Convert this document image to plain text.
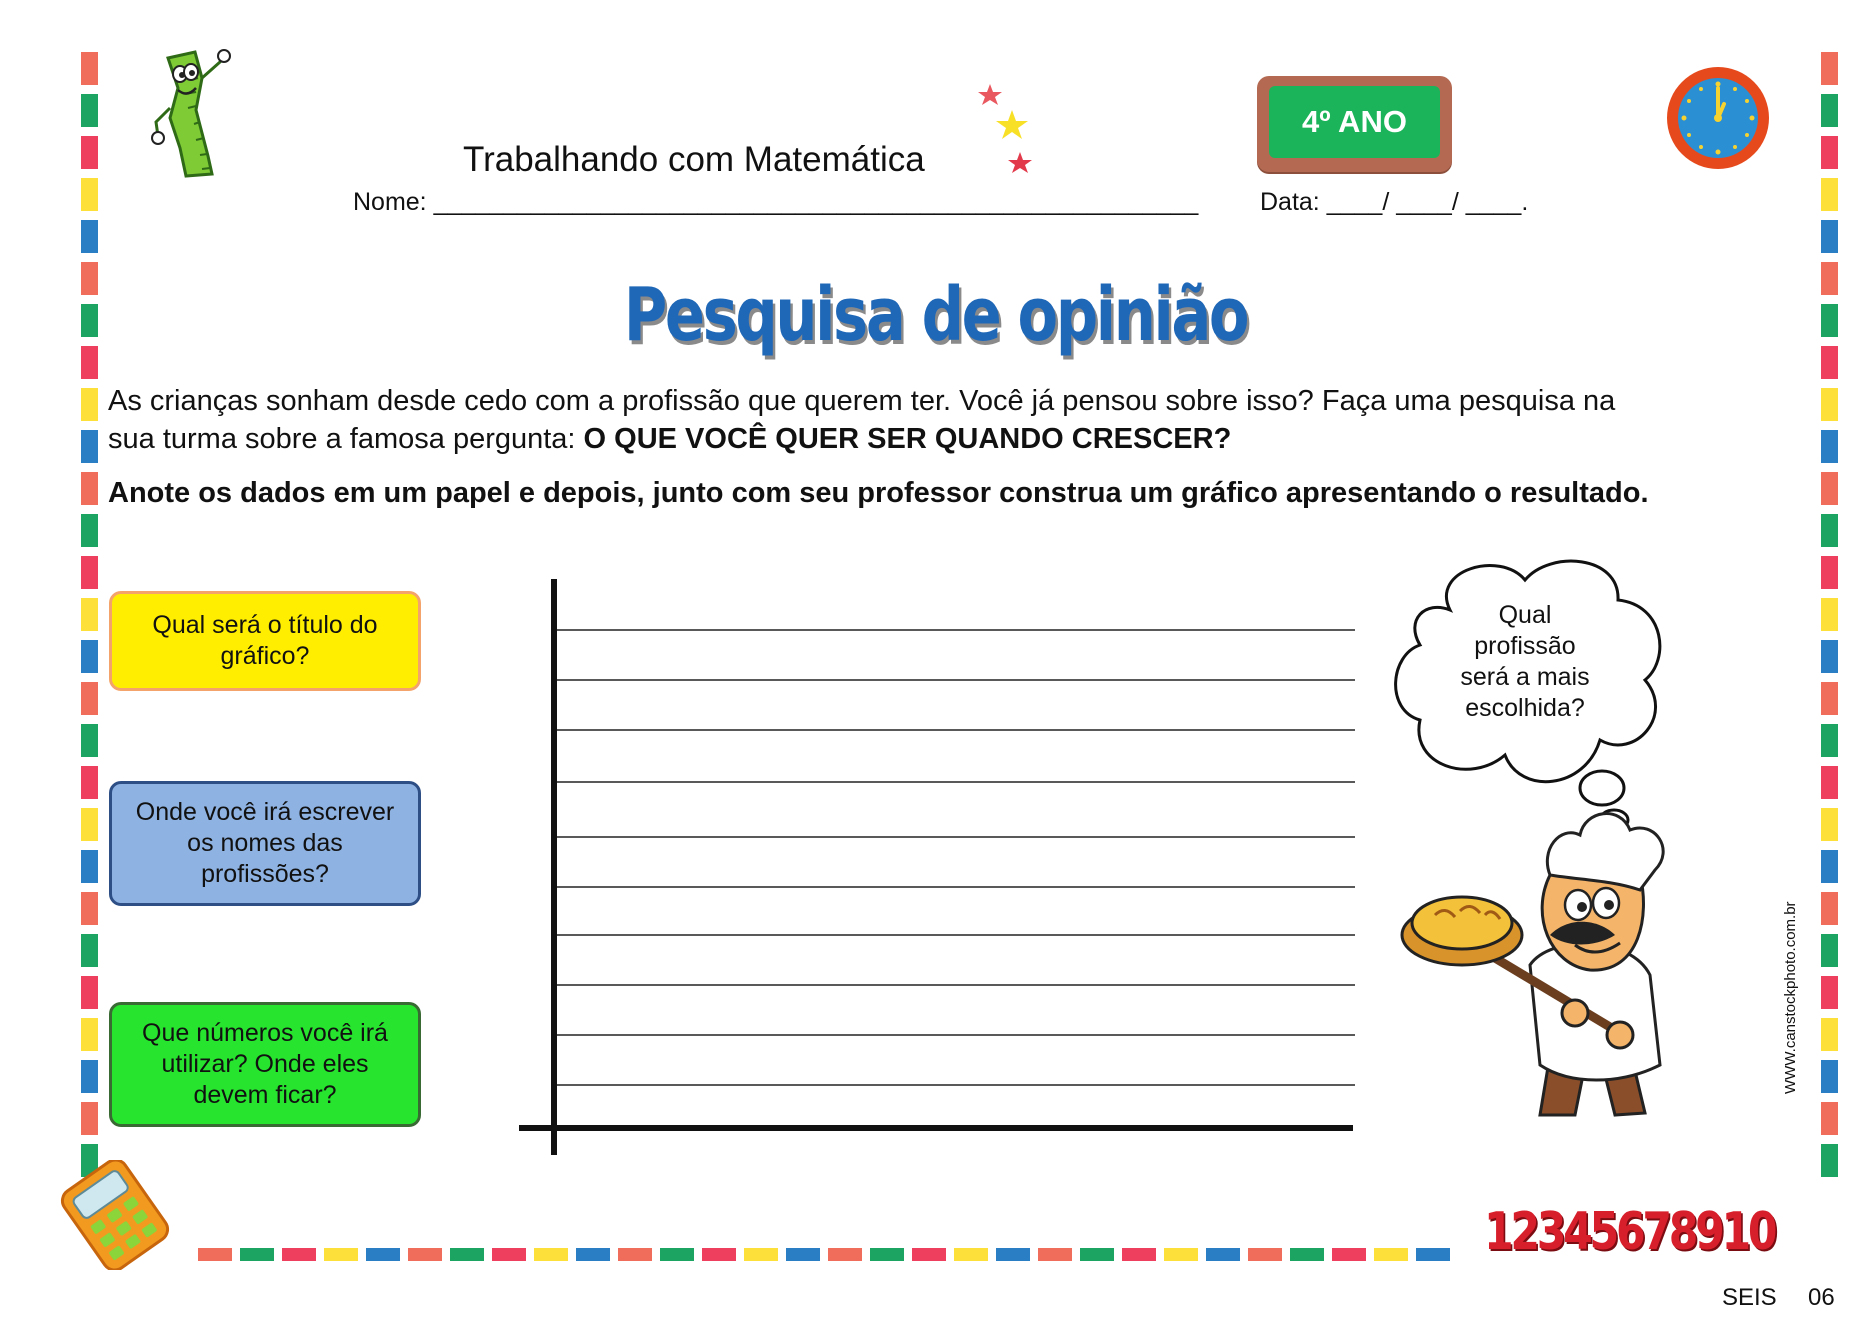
Trabalhando com Matemática
4º ANO
Nome: _______________________________________________________ Data: ____/ ____/ ____.
Pesquisa de opinião
As crianças sonham desde cedo com a profissão que querem ter. Você já pensou sobre isso? Faça uma pesquisa na
sua turma sobre a famosa pergunta: O QUE VOCÊ QUER SER QUANDO CRESCER?
Anote os dados em um papel e depois, junto com seu professor construa um gráfico apresentando o resultado.
Qual será o título do gráfico?
Onde você irá escrever os nomes das profissões?
Que números você irá utilizar? Onde eles devem ficar?
Qual profissão será a mais escolhida?
WWW.canstockphoto.com.br
12345678910
SEIS 06
